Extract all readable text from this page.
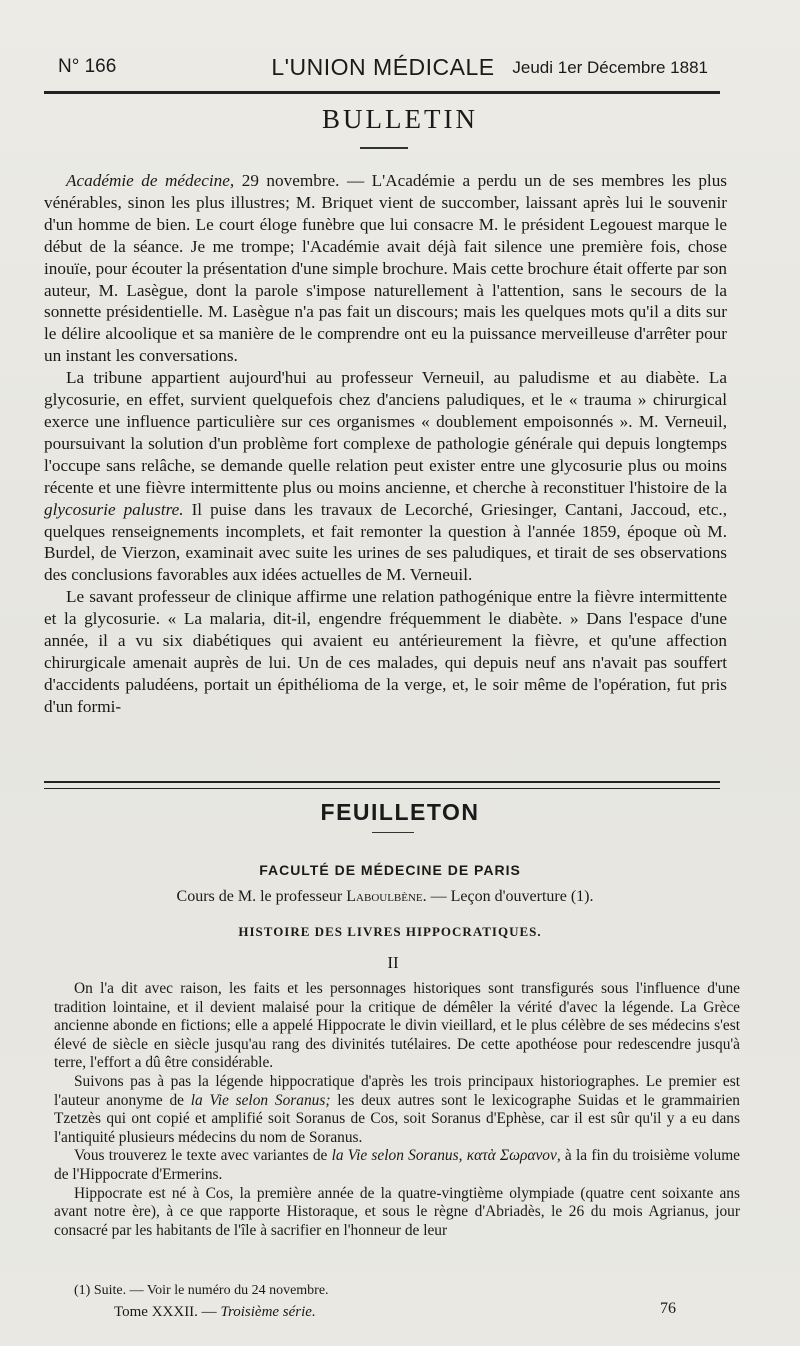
N° 166	L'UNION MÉDICALE	Jeudi 1er Décembre 1881
BULLETIN

Académie de médecine, 29 novembre. — L'Académie a perdu un de ses membres les plus vénérables, sinon les plus illustres; M. Briquet vient de succomber, laissant après lui le souvenir d'un homme de bien. Le court éloge funèbre que lui consacre M. le président Legouest marque le début de la séance. Je me trompe; l'Académie avait déjà fait silence une première fois, chose inouïe, pour écouter la présentation d'une simple brochure. Mais cette brochure était offerte par son auteur, M. Lasègue, dont la parole s'impose naturellement à l'attention, sans le secours de la sonnette présidentielle. M. Lasègue n'a pas fait un discours; mais les quelques mots qu'il a dits sur le délire alcoolique et sa manière de le comprendre ont eu la puissance merveilleuse d'arrêter pour un instant les conversations.

La tribune appartient aujourd'hui au professeur Verneuil, au paludisme et au diabète. La glycosurie, en effet, survient quelquefois chez d'anciens paludiques, et le « trauma » chirurgical exerce une influence particulière sur ces organismes « doublement empoisonnés ». M. Verneuil, poursuivant la solution d'un problème fort complexe de pathologie générale qui depuis longtemps l'occupe sans relâche, se demande quelle relation peut exister entre une glycosurie plus ou moins récente et une fièvre intermittente plus ou moins ancienne, et cherche à reconstituer l'histoire de la glycosurie palustre. Il puise dans les travaux de Lecorché, Griesinger, Cantani, Jaccoud, etc., quelques renseignements incomplets, et fait remonter la question à l'année 1859, époque où M. Burdel, de Vierzon, examinait avec suite les urines de ses paludiques, et tirait de ses observations des conclusions favorables aux idées actuelles de M. Verneuil.

Le savant professeur de clinique affirme une relation pathogénique entre la fièvre intermittente et la glycosurie. « La malaria, dit-il, engendre fréquemment le diabète. » Dans l'espace d'une année, il a vu six diabétiques qui avaient eu antérieurement la fièvre, et qu'une affection chirurgicale amenait auprès de lui. Un de ces malades, qui depuis neuf ans n'avait pas souffert d'accidents paludéens, portait un épithélioma de la verge, et, le soir même de l'opération, fut pris d'un formi-

FEUILLETON
FACULTÉ DE MÉDECINE DE PARIS
Cours de M. le professeur Laboulbène. — Leçon d'ouverture (1).
HISTOIRE DES LIVRES HIPPOCRATIQUES.
II

On l'a dit avec raison, les faits et les personnages historiques sont transfigurés sous l'influence d'une tradition lointaine, et il devient malaisé pour la critique de démêler la vérité d'avec la légende. La Grèce ancienne abonde en fictions; elle a appelé Hippocrate le divin vieillard, et le plus célèbre de ses médecins s'est élevé de siècle en siècle jusqu'au rang des divinités tutélaires. De cette apothéose pour redescendre jusqu'à terre, l'effort a dû être considérable.

Suivons pas à pas la légende hippocratique d'après les trois principaux historiographes. Le premier est l'auteur anonyme de la Vie selon Soranus; les deux autres sont le lexicographe Suidas et le grammairien Tzetzès qui ont copié et amplifié soit Soranus de Cos, soit Soranus d'Ephèse, car il est sûr qu'il y a eu dans l'antiquité plusieurs médecins du nom de Soranus.

Vous trouverez le texte avec variantes de la Vie selon Soranus, κατὰ Σωρανον, à la fin du troisième volume de l'Hippocrate d'Ermerins.

Hippocrate est né à Cos, la première année de la quatre-vingtième olympiade (quatre cent soixante ans avant notre ère), à ce que rapporte Historaque, et sous le règne d'Abriadès, le 26 du mois Agrianus, jour consacré par les habitants de l'île à sacrifier en l'honneur de leur

(1) Suite. — Voir le numéro du 24 novembre.
Tome XXXII. — Troisième série.	76
